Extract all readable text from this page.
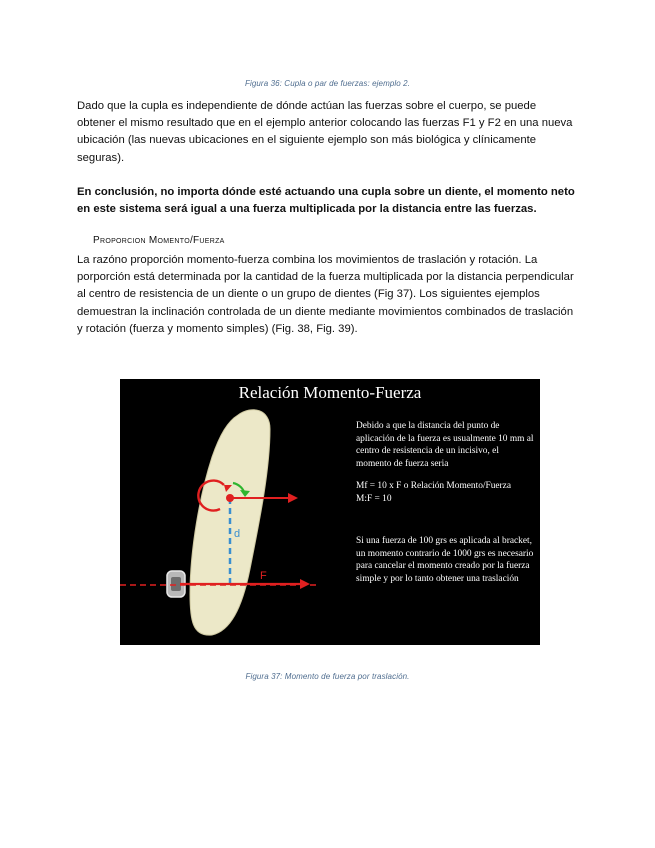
Figura 36: Cupla o par de fuerzas: ejemplo 2.

Dado que la cupla es independiente de dónde actúan las fuerzas sobre el cuerpo, se puede obtener el mismo resultado que en el ejemplo anterior colocando las fuerzas F1 y F2 en una nueva ubicación (las nuevas ubicaciones en el siguiente ejemplo son más biológica y clínicamente seguras).

En conclusión, no importa dónde esté actuando una cupla sobre un diente, el momento neto en este sistema será igual a una fuerza multiplicada por la distancia entre las fuerzas.

Proporcion Momento/Fuerza

La razóno proporción momento-fuerza combina los movimientos de traslación y rotación. La porporción está determinada por la cantidad de la fuerza multiplicada por la distancia perpendicular al centro de resistencia de un diente o un grupo de dientes (Fig 37). Los siguientes ejemplos demuestran la inclinación controlada de un diente mediante movimientos combinados de traslación y rotación (fuerza y momento simples) (Fig. 38, Fig. 39).

d
F

Relación Momento-Fuerza

Debido a que la distancia del punto de aplicación de la fuerza es usualmente 10 mm al centro de resistencia de un incisivo, el momento de fuerza seria

Mf = 10 x F o Relación Momento/Fuerza

M:F = 10

Si una fuerza de 100 grs es aplicada al bracket, un momento contrario de 1000 grs es necesario para cancelar el momento creado por la fuerza simple y por lo tanto obtener una traslación

Figura 37: Momento de fuerza por traslación.
